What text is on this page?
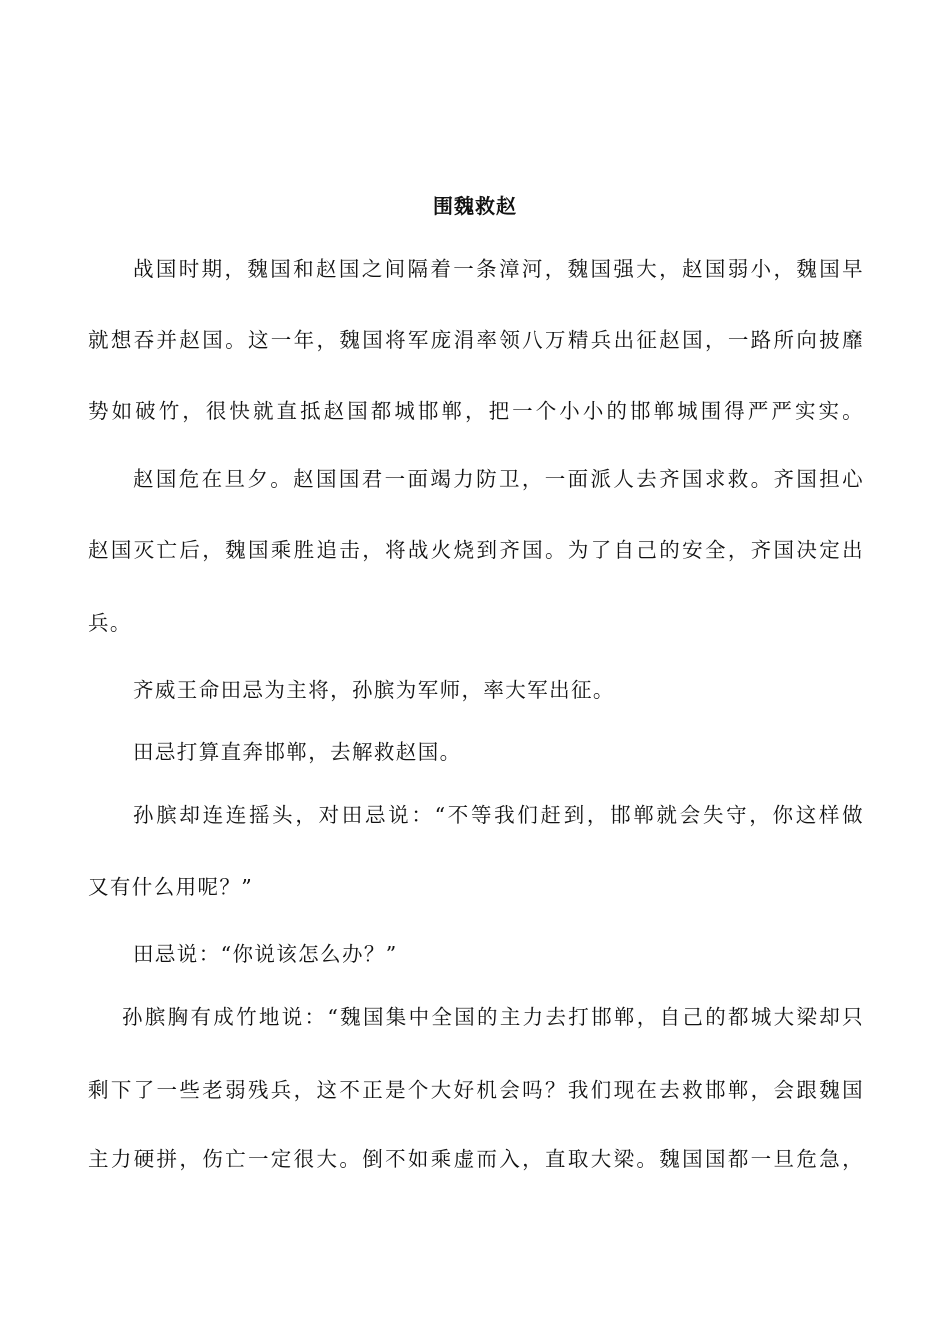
围魏救赵
战国时期，魏国和赵国之间隔着一条漳河，魏国强大，赵国弱小，魏国早
就想吞并赵国。这一年，魏国将军庞涓率领八万精兵出征赵国，一路所向披靡
势如破竹，很快就直抵赵国都城邯郸，把一个小小的邯郸城围得严严实实。
赵国危在旦夕。赵国国君一面竭力防卫，一面派人去齐国求救。齐国担心
赵国灭亡后，魏国乘胜追击，将战火烧到齐国。为了自己的安全，齐国决定出
兵。
齐威王命田忌为主将，孙膑为军师，率大军出征。
田忌打算直奔邯郸，去解救赵国。
孙膑却连连摇头，对田忌说：“不等我们赶到，邯郸就会失守，你这样做
又有什么用呢？”
田忌说：“你说该怎么办？”
孙膑胸有成竹地说：“魏国集中全国的主力去打邯郸，自己的都城大梁却只
剩下了一些老弱残兵，这不正是个大好机会吗？我们现在去救邯郸，会跟魏国
主力硬拼，伤亡一定很大。倒不如乘虚而入，直取大梁。魏国国都一旦危急，
